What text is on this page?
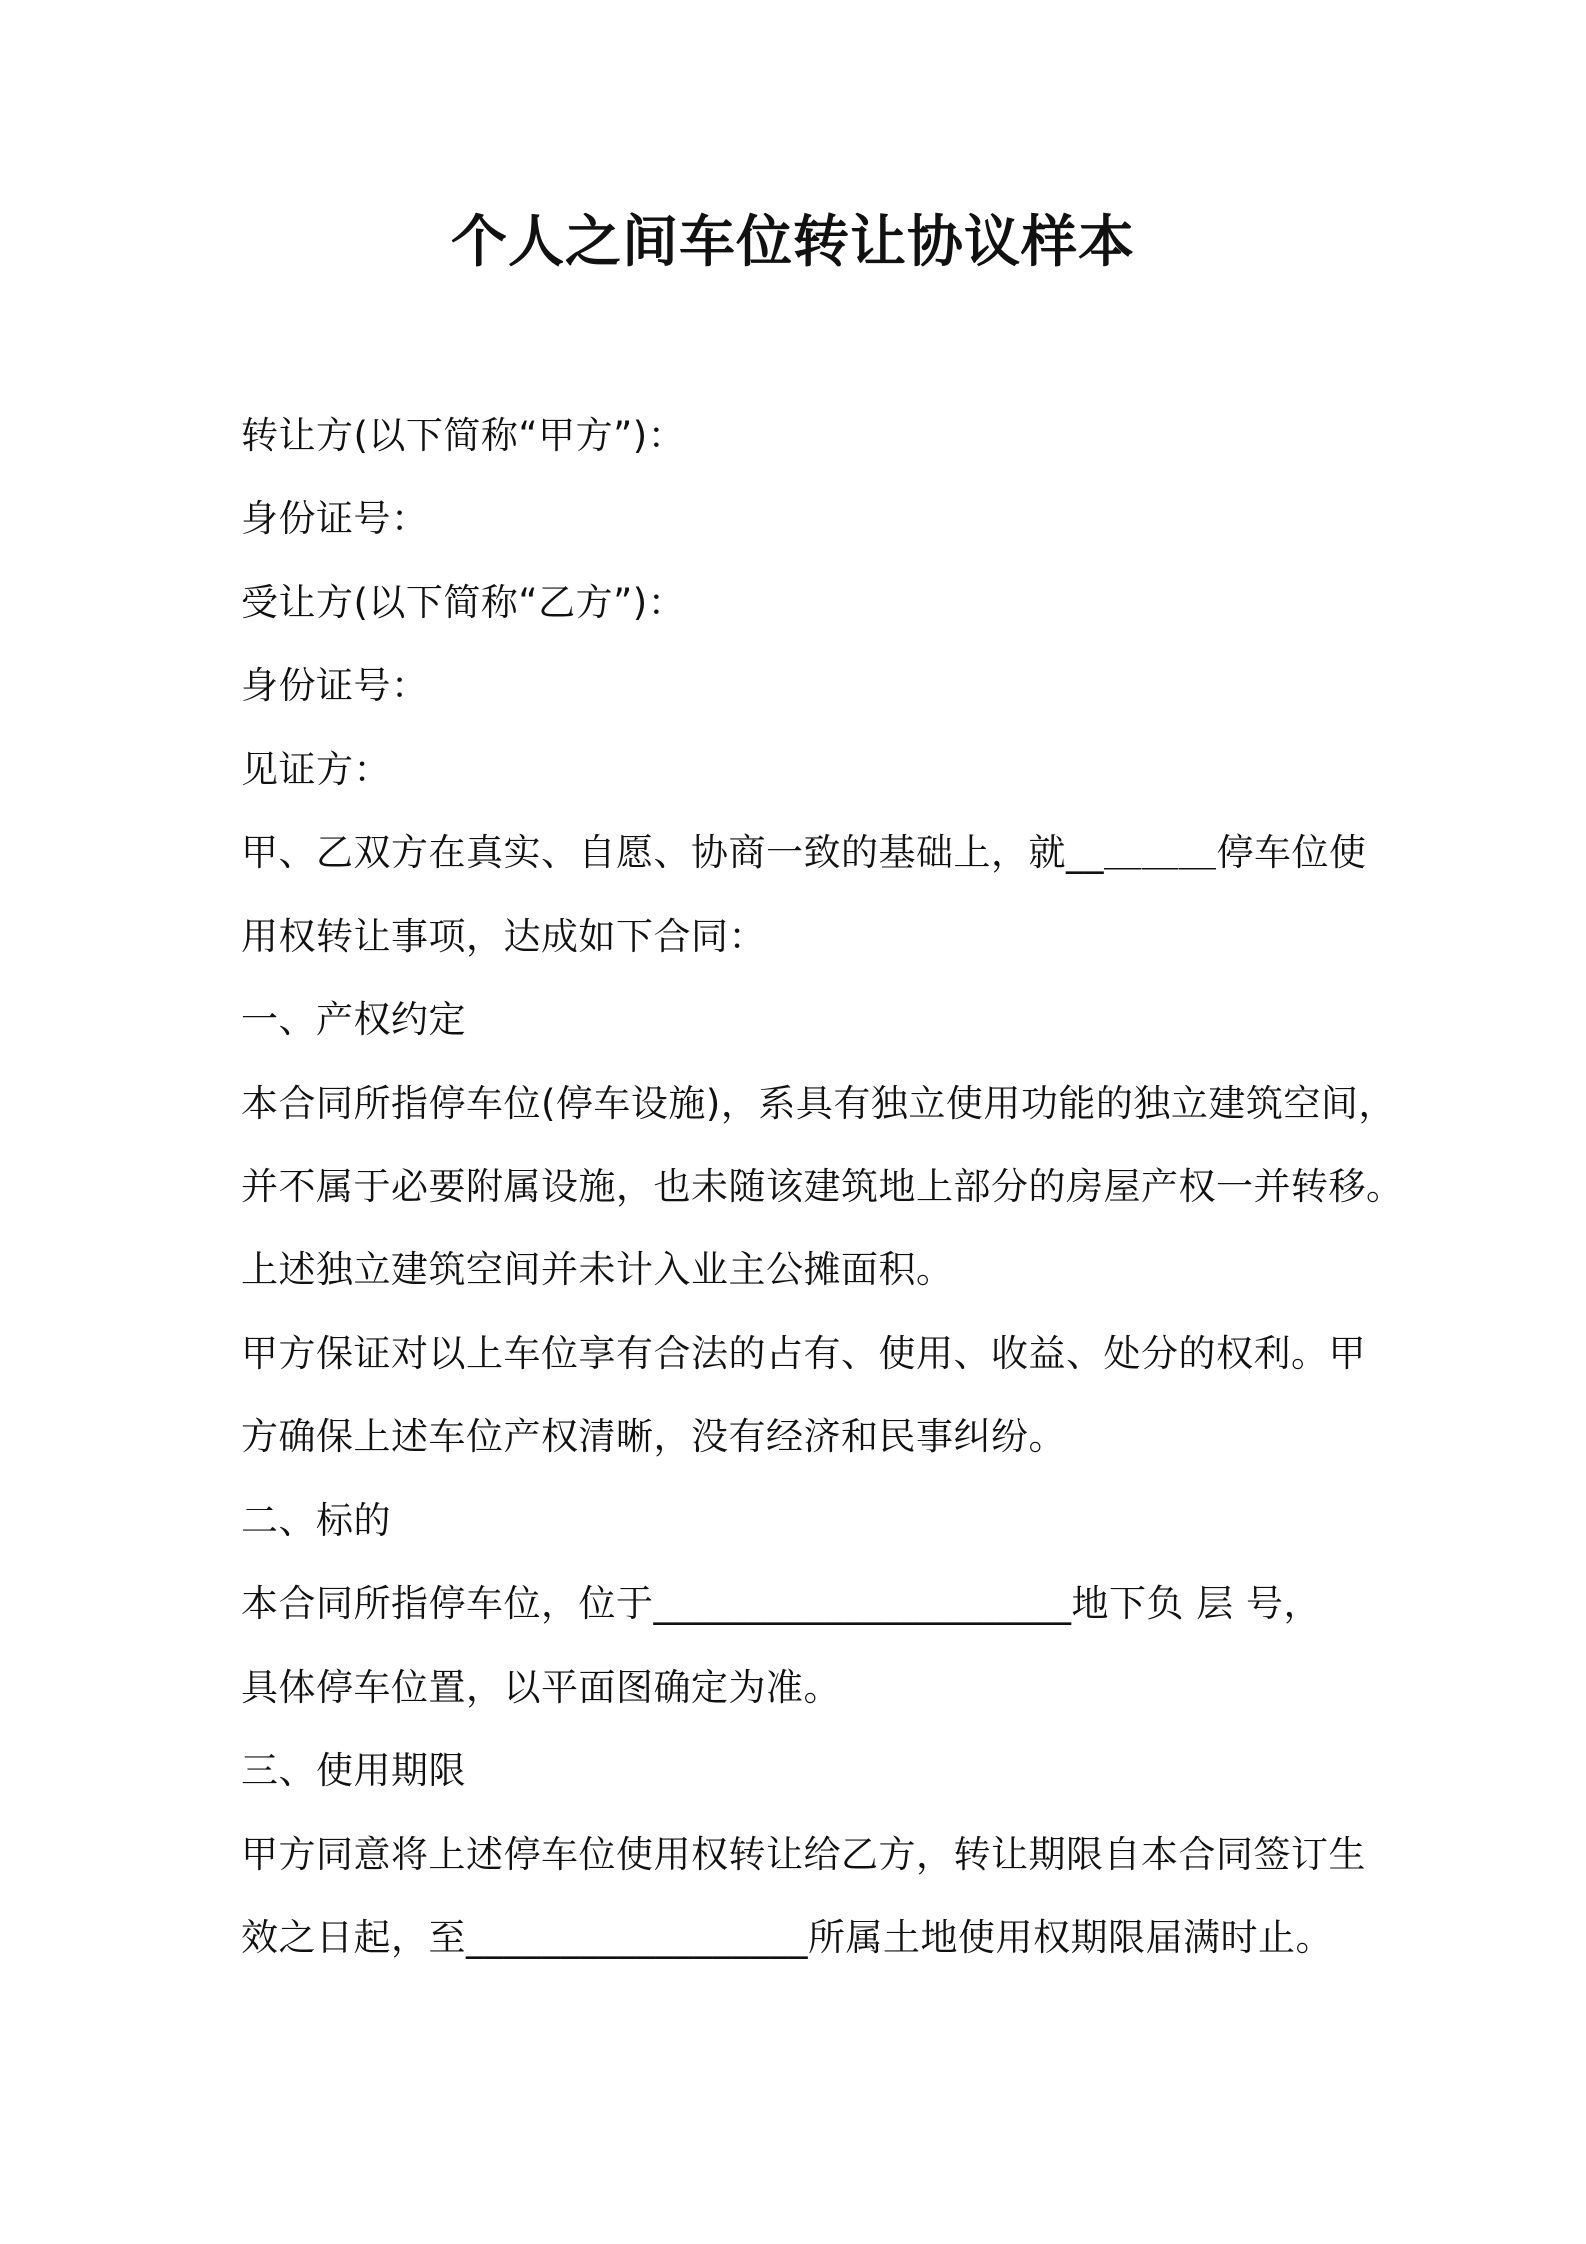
个人之间车位转让协议样本
转让方(以下简称“甲方”)：
身份证号：
受让方(以下简称“乙方”)：
身份证号：
见证方：
甲、乙双方在真实、自愿、协商一致的基础上，就__＿＿＿停车位使
用权转让事项，达成如下合同：
一、产权约定
本合同所指停车位(停车设施)，系具有独立使用功能的独立建筑空间，
并不属于必要附属设施，也未随该建筑地上部分的房屋产权一并转移。
上述独立建筑空间并未计入业主公摊面积。
甲方保证对以上车位享有合法的占有、使用、收益、处分的权利。甲
方确保上述车位产权清晰，没有经济和民事纠纷。
二、标的
本合同所指停车位，位于______________________地下负 层 号，
具体停车位置，以平面图确定为准。
三、使用期限
甲方同意将上述停车位使用权转让给乙方，转让期限自本合同签订生
效之日起，至__________________所属土地使用权期限届满时止。
